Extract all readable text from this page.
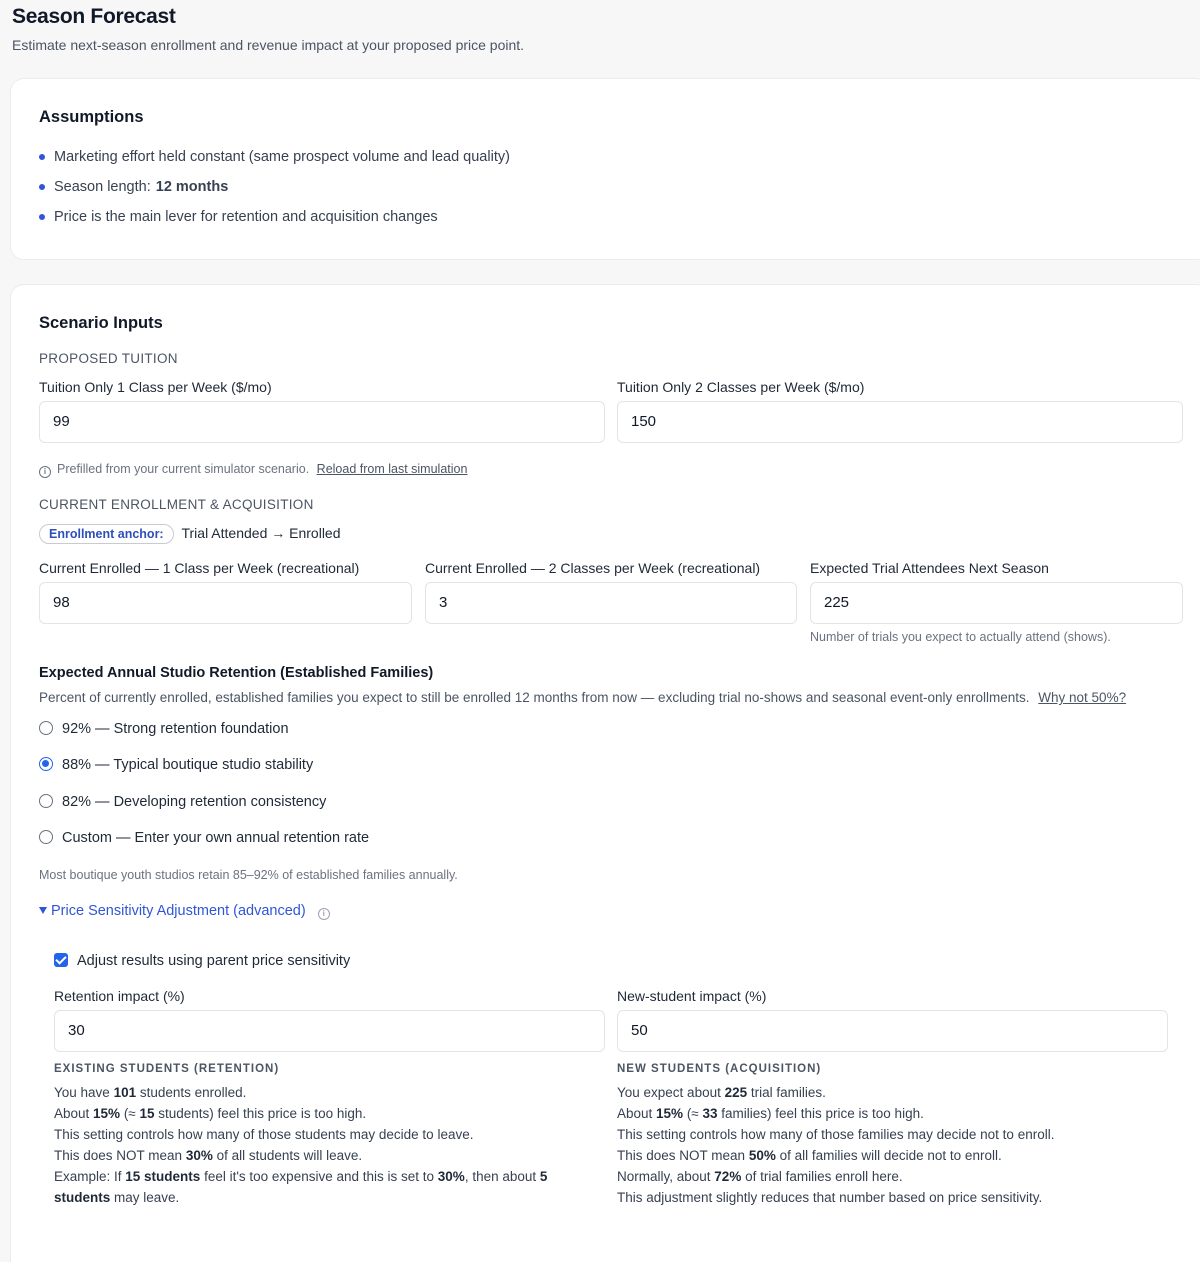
Season Forecast
Estimate next-season enrollment and revenue impact at your proposed price point.
Assumptions
Marketing effort held constant (same prospect volume and lead quality)
Season length: 12 months
Price is the main lever for retention and acquisition changes
Scenario Inputs
PROPOSED TUITION
Tuition Only 1 Class per Week ($/mo)
99
Tuition Only 2 Classes per Week ($/mo)
150
i Prefilled from your current simulator scenario. Reload from last simulation
CURRENT ENROLLMENT & ACQUISITION
Enrollment anchor: Trial Attended → Enrolled
Current Enrolled — 1 Class per Week (recreational)
98
Current Enrolled — 2 Classes per Week (recreational)
3
Expected Trial Attendees Next Season
225
Number of trials you expect to actually attend (shows).
Expected Annual Studio Retention (Established Families)
Percent of currently enrolled, established families you expect to still be enrolled 12 months from now — excluding trial no-shows and seasonal event-only enrollments. Why not 50%?
92% — Strong retention foundation
88% — Typical boutique studio stability
82% — Developing retention consistency
Custom — Enter your own annual retention rate
Most boutique youth studios retain 85–92% of established families annually.
Price Sensitivity Adjustment (advanced) i
Adjust results using parent price sensitivity
Retention impact (%)
30
New-student impact (%)
50
EXISTING STUDENTS (RETENTION)
You have 101 students enrolled.
About 15% (≈ 15 students) feel this price is too high.
This setting controls how many of those students may decide to leave.
This does NOT mean 30% of all students will leave.
Example: If 15 students feel it's too expensive and this is set to 30%, then about 5
students may leave.
NEW STUDENTS (ACQUISITION)
You expect about 225 trial families.
About 15% (≈ 33 families) feel this price is too high.
This setting controls how many of those families may decide not to enroll.
This does NOT mean 50% of all families will decide not to enroll.
Normally, about 72% of trial families enroll here.
This adjustment slightly reduces that number based on price sensitivity.
